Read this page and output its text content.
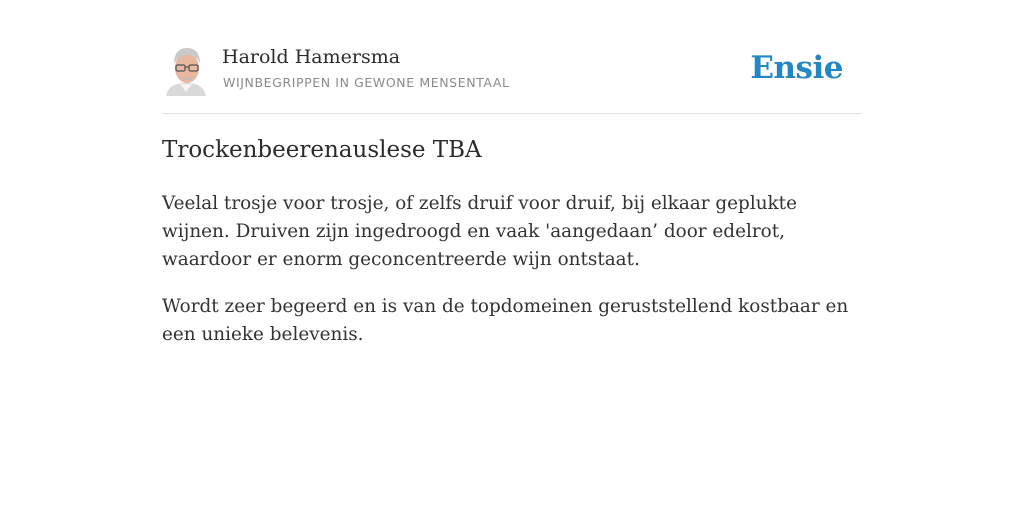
Harold Hamersma
WIJNBEGRIPPEN IN GEWONE MENSENTAAL	Ensie
Trockenbeerenauslese TBA

Veelal trosje voor trosje, of zelfs druif voor druif, bij elkaar geplukte wijnen. Druiven zijn ingedroogd en vaak 'aangedaan’ door edelrot, waardoor er enorm geconcentreerde wijn ontstaat.

Wordt zeer begeerd en is van de topdomeinen geruststellend kostbaar en een unieke belevenis.
